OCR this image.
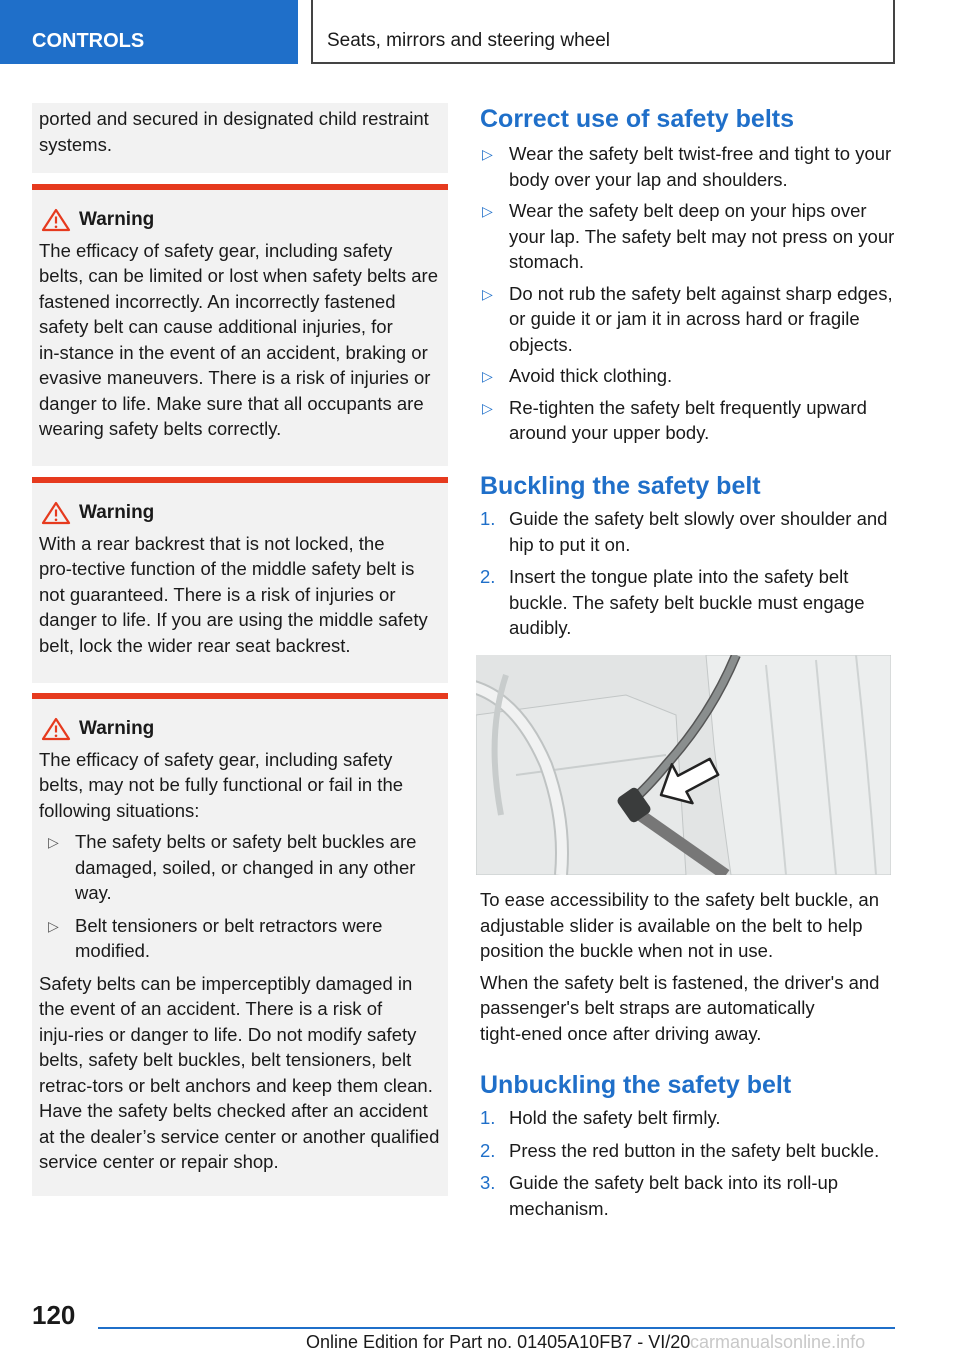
CONTROLS	Seats, mirrors and steering wheel

ported and secured in designated child restraint systems.

Warning

The efficacy of safety gear, including safety belts, can be limited or lost when safety belts are fastened incorrectly. An incorrectly fastened safety belt can cause additional injuries, for in‑stance in the event of an accident, braking or evasive maneuvers. There is a risk of injuries or danger to life. Make sure that all occupants are wearing safety belts correctly.

Warning

With a rear backrest that is not locked, the pro‑tective function of the middle safety belt is not guaranteed. There is a risk of injuries or danger to life. If you are using the middle safety belt, lock the wider rear seat backrest.

Warning

The efficacy of safety gear, including safety belts, may not be fully functional or fail in the following situations:

▷ The safety belts or safety belt buckles are damaged, soiled, or changed in any other way.
▷ Belt tensioners or belt retractors were modified.

Safety belts can be imperceptibly damaged in the event of an accident. There is a risk of inju‑ries or danger to life. Do not modify safety belts, safety belt buckles, belt tensioners, belt retrac‑tors or belt anchors and keep them clean. Have the safety belts checked after an accident at the dealer’s service center or another qualified service center or repair shop.

Correct use of safety belts
▷ Wear the safety belt twist-free and tight to your body over your lap and shoulders.
▷ Wear the safety belt deep on your hips over your lap. The safety belt may not press on your stomach.
▷ Do not rub the safety belt against sharp edges, or guide it or jam it in across hard or fragile objects.
▷ Avoid thick clothing.
▷ Re-tighten the safety belt frequently upward around your upper body.
Buckling the safety belt
1. Guide the safety belt slowly over shoulder and hip to put it on.
2. Insert the tongue plate into the safety belt buckle. The safety belt buckle must engage audibly.

To ease accessibility to the safety belt buckle, an adjustable slider is available on the belt to help position the buckle when not in use.

When the safety belt is fastened, the driver's and passenger's belt straps are automatically tight‑ened once after driving away.

Unbuckling the safety belt
1. Hold the safety belt firmly.
2. Press the red button in the safety belt buckle.
3. Guide the safety belt back into its roll-up mechanism.
120
Online Edition for Part no. 01405A10FB7 - VI/20 carmanualsonline.info
